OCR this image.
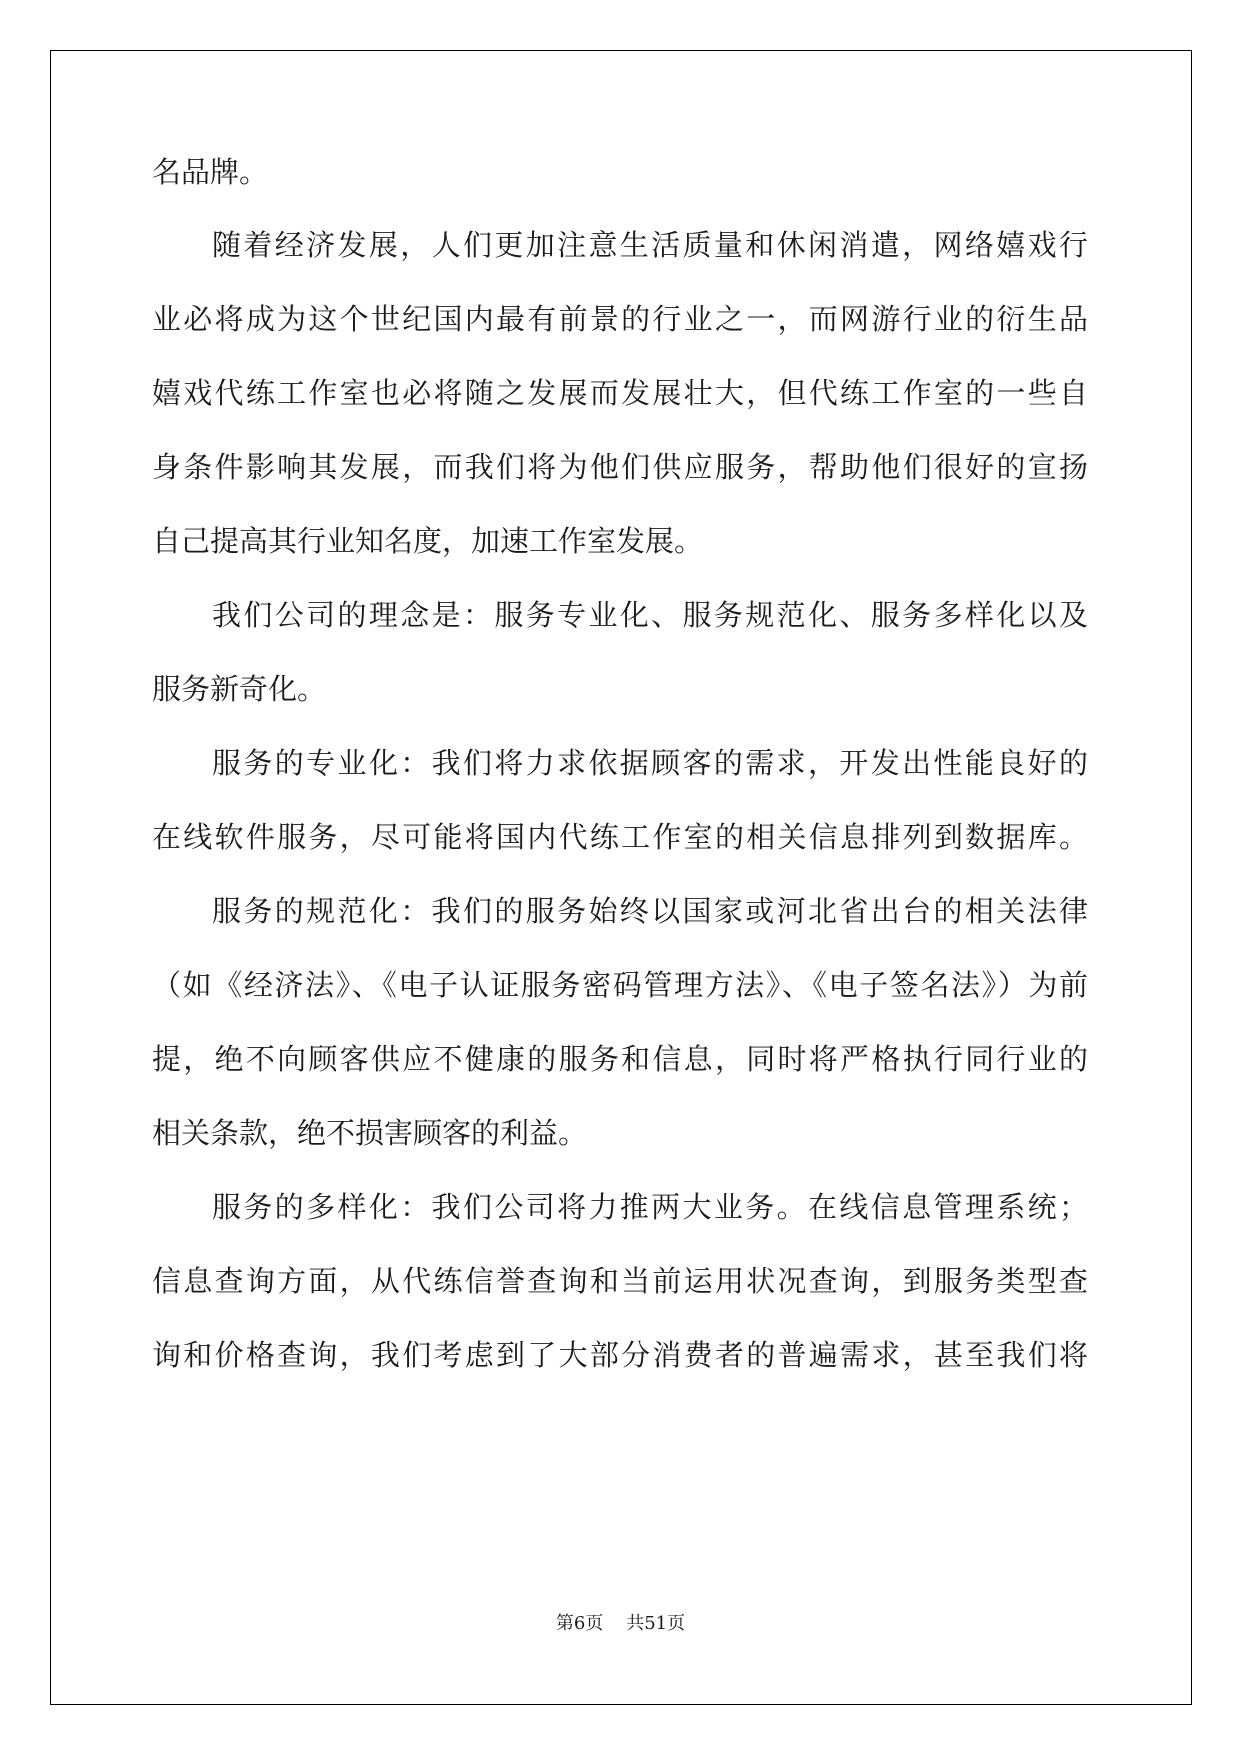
名品牌。

随着经济发展，人们更加注意生活质量和休闲消遣，网络嬉戏行

业必将成为这个世纪国内最有前景的行业之一，而网游行业的衍生品

嬉戏代练工作室也必将随之发展而发展壮大，但代练工作室的一些自

身条件影响其发展，而我们将为他们供应服务，帮助他们很好的宣扬

自己提高其行业知名度，加速工作室发展。

我们公司的理念是：服务专业化、服务规范化、服务多样化以及

服务新奇化。

服务的专业化：我们将力求依据顾客的需求，开发出性能良好的

在线软件服务，尽可能将国内代练工作室的相关信息排列到数据库。

服务的规范化：我们的服务始终以国家或河北省出台的相关法律

（如《经济法》、《电子认证服务密码管理方法》、《电子签名法》）为前

提，绝不向顾客供应不健康的服务和信息，同时将严格执行同行业的

相关条款，绝不损害顾客的利益。

服务的多样化：我们公司将力推两大业务。在线信息管理系统；

信息查询方面，从代练信誉查询和当前运用状况查询，到服务类型查

询和价格查询，我们考虑到了大部分消费者的普遍需求，甚至我们将

第6页 共51页
